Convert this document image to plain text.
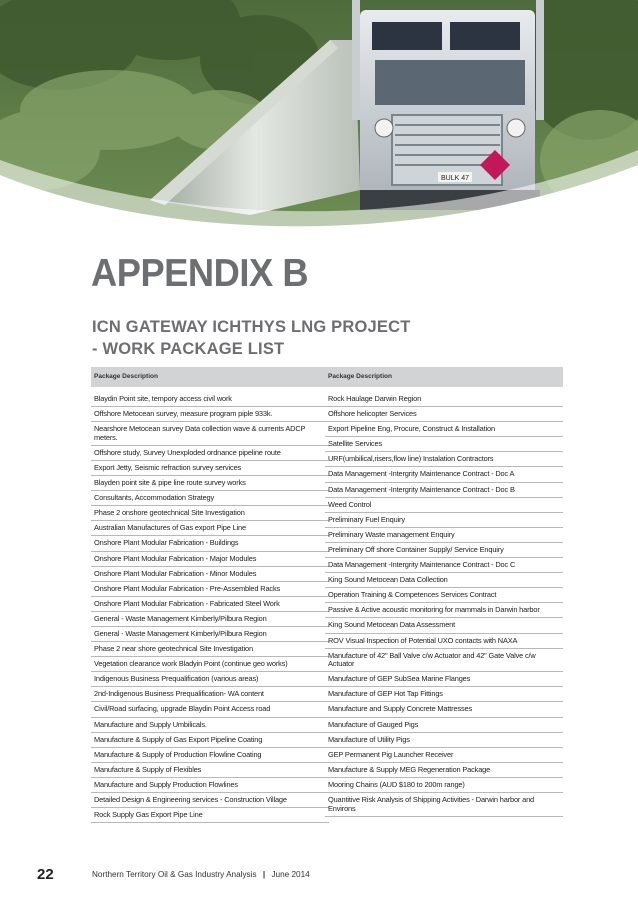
BULK 47
APPENDIX B
ICN GATEWAY ICHTHYS LNG PROJECT
- WORK PACKAGE LIST
Package Description
Blaydin Point site, tempory access civil work
Offshore Metocean survey, measure program piple 933k.
Nearshore Metocean survey Data collection wave & currents ADCP meters.
Offshore study, Survey Unexploded ordnance pipeline route
Export Jetty, Seismic refraction survey services
Blayden point site & pipe line route survey works
Consultants, Accommodation Strategy
Phase 2 onshore geotechnical Site Investigation
Australian Manufactures of Gas export Pipe Line
Onshore Plant Modular Fabrication - Buildings
Onshore Plant Modular Fabrication - Major Modules
Onshore Plant Modular Fabrication - Minor Modules
Onshore Plant Modular Fabrication - Pre-Assembled Racks
Onshore Plant Modular Fabrication - Fabricated Steel Work
General - Waste Management Kimberly/Pilbura Region
General - Waste Management Kimberly/Pilbura Region
Phase 2 near shore geotechnical Site Investigation
Vegetation clearance work Bladyin Point (continue geo works)
Indigenous Business Prequalification (various areas)
2nd-Indigenous Business Prequalification- WA content
Civil/Road surfacing, upgrade Blaydin Point Access road
Manufacture and Supply Umbilicals.
Manufacture & Supply of Gas Export Pipeline Coating
Manufacture & Supply of Production Flowline Coating
Manufacture & Supply of Flexibles
Manufacture and Supply Production Flowlines
Detailed Design & Engineering services - Construction Village
Rock Supply Gas Export Pipe Line
Package Description
Rock Haulage Darwin Region
Offshore helicopter Services
Export Pipeline Eng, Procure, Construct & Installation
Satellite Services
URF(umbilical,risers,flow line) Instalation Contractors
Data Management -Intergrity Maintenance Contract - Doc A
Data Management -Intergrity Maintenance Contract - Doc B
Weed Control
Preliminary Fuel Enquiry
Preliminary Waste management Enquiry
Preliminary Off shore Container Supply/ Service Enquiry
Data Management -Intergrity Maintenance Contract - Doc C
King Sound Metocean Data Collection
Operation Training & Competences Services Contract
Passive & Active acoustic monitoring for mammals in Darwin harbor
King Sound Metocean Data Assessment
ROV Visual Inspection of Potential UXO contacts with NAXA
Manufacture of 42" Ball Valve c/w Actuator and 42" Gate Valve c/w Actuator
Manufacture of GEP SubSea Marine Flanges
Manufacture of GEP Hot Tap Fittings
Manufacture and Supply Concrete Mattresses
Manufacture of Gauged Pigs
Manufacture of Utility Pigs
GEP Permanent Pig Launcher Receiver
Manufacture & Supply MEG Regeneration Package
Mooring Chains (AUD $180 to 200m range)
Quantitive Risk Analysis of Shipping Activities - Darwin harbor and Environs
22	Northern Territory Oil & Gas Industry Analysis | June 2014
